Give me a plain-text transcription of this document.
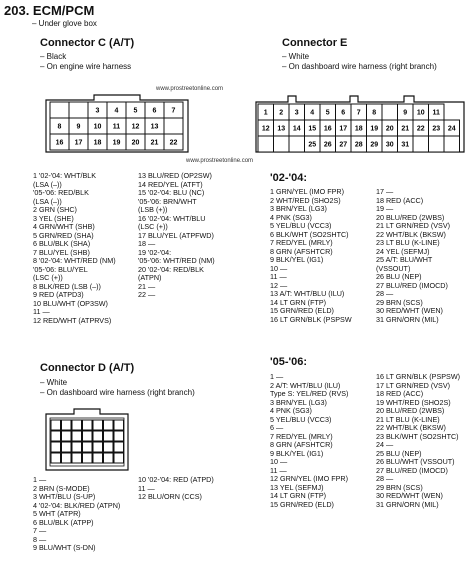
203. ECM/PCM
– Under glove box
Connector C (A/T)
– Black
– On engine wire harness
www.prostreetonline.com
3 4 5 6 7
8 9 10 11 12 13
16 17 18 19 20 21 22
Connector E
– White
– On dashboard wire harness (right branch)
1 2 3 4 5 6 7 8	9 10 11
12 13 14 15 16 17 18 19 20 21 22 23 24
25 26 27 28 29 30 31
www.prostreetonline.com
1 '02-'04: WHT/BLK
(LSA (–))
'05-'06: RED/BLK
(LSA (–))
2 GRN (SHC)
3 YEL (SHE)
4 GRN/WHT (SHB)
5 GRN/RED (SHA)
6 BLU/BLK (SHA)
7 BLU/YEL (SHB)
8 '02-'04: WHT/RED (NM)
'05-'06: BLU/YEL
(LSC (+))
8 BLK/RED (LSB (–))
9 RED (ATPD3)
10 BLU/WHT (OP3SW)
11 —
12 RED/WHT (ATPRVS)
13 BLU/RED (OP2SW)
14 RED/YEL (ATFT)
15 '02-'04: BLU (NC)
'05-'06: BRN/WHT
(LSB (+))
16 '02-'04: WHT/BLU
(LSC (+))
17 BLU/YEL (ATPFWD)
18 —
19 '02-'04:
'05-'06: WHT/RED (NM)
20 '02-'04: RED/BLK
(ATPN)
21 —
22 —
'02-'04:
1 GRN/YEL (IMO FPR)
2 WHT/RED (SHO2S)
3 BRN/YEL (LG3)
4 PNK (SG3)
5 YEL/BLU (VCC3)
6 BLK/WHT (SO2SHTC)
7 RED/YEL (MRLY)
8 GRN (AFSHTCR)
9 BLK/YEL (IG1)
10 —
11 —
12 —
13 A/T: WHT/BLU (ILU)
14 LT GRN (FTP)
15 GRN/RED (ELD)
16 LT GRN/BLK (PSPSW
17 —
18 RED (ACC)
19 —
20 BLU/RED (2WBS)
21 LT GRN/RED (VSV)
22 WHT/BLK (BKSW)
23 LT BLU (K-LINE)
24 YEL (SEFMJ)
25 A/T: BLU/WHT
(VSSOUT)
26 BLU (NEP)
27 BLU/RED (IMOCD)
28 —
29 BRN (SCS)
30 RED/WHT (WEN)
31 GRN/ORN (MIL)
'05-'06:
1 —
2 A/T: WHT/BLU (ILU)
Type S: YEL/RED (RVS)
3 BRN/YEL (LG3)
4 PNK (SG3)
5 YEL/BLU (VCC3)
6 —
7 RED/YEL (MRLY)
8 GRN (AFSHTCR)
9 BLK/YEL (IG1)
10 —
11 —
12 GRN/YEL (IMO FPR)
13 YEL (SEFMJ)
14 LT GRN (FTP)
15 GRN/RED (ELD)
16 LT GRN/BLK (PSPSW)
17 LT GRN/RED (VSV)
18 RED (ACC)
19 WHT/RED (SHO2S)
20 BLU/RED (2WBS)
21 LT BLU (K-LINE)
22 WHT/BLK (BKSW)
23 BLK/WHT (SO2SHTC)
24 —
25 BLU (NEP)
26 BLU/WHT (VSSOUT)
27 BLU/RED (IMOCD)
28 —
29 BRN (SCS)
30 RED/WHT (WEN)
31 GRN/ORN (MIL)
Connector D (A/T)
– White
– On dashboard wire harness (right branch)
1 —
2 BRN (S-MODE)
3 WHT/BLU (S-UP)
4 '02-'04: BLK/RED (ATPN)
5 WHT (ATPR)
6 BLU/BLK (ATPP)
7 —
8 —
9 BLU/WHT (S-DN)
10 '02-'04: RED (ATPD)
11 —
12 BLU/ORN (CCS)
